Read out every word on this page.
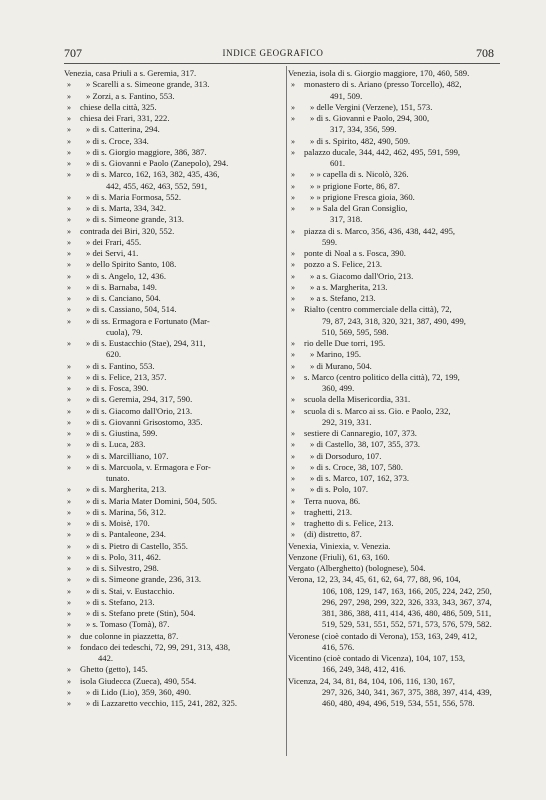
707	INDICE GEOGRAFICO	708
Venezia, casa Priuli a s. Geremia, 317.
» » Scarelli a s. Simeone grande, 313.
» » Zorzi, a s. Fantino, 553.
» chiese della città, 325.
» chiesa dei Frari, 331, 222.
» » di s. Catterina, 294.
» » di s. Croce, 334.
» » di s. Giorgio maggiore, 386, 387.
» » di s. Giovanni e Paolo (Zanepolo), 294.
» » di s. Marco, 162, 163, 382, 435, 436,
442, 455, 462, 463, 552, 591,
» » di s. Maria Formosa, 552.
» » di s. Marta, 334, 342.
» » di s. Simeone grande, 313.
» contrada dei Biri, 320, 552.
» » dei Frari, 455.
» » dei Servi, 41.
» » dello Spirito Santo, 108.
» » di s. Angelo, 12, 436.
» » di s. Barnaba, 149.
» » di s. Canciano, 504.
» » di s. Cassiano, 504, 514.
» » di ss. Ermagora e Fortunato (Mar-
cuola), 79.
» » di s. Eustacchio (Stae), 294, 311,
620.
» » di s. Fantino, 553.
» » di s. Felice, 213, 357.
» » di s. Fosca, 390.
» » di s. Geremia, 294, 317, 590.
» » di s. Giacomo dall'Orio, 213.
» » di s. Giovanni Grisostomo, 335.
» » di s. Giustina, 599.
» » di s. Luca, 283.
» » di s. Marcilliano, 107.
» » di s. Marcuola, v. Ermagora e For-
tunato.
» » di s. Margherita, 213.
» » di s. Maria Mater Domini, 504, 505.
» » di s. Marina, 56, 312.
» » di s. Moisè, 170.
» » di s. Pantaleone, 234.
» » di s. Pietro di Castello, 355.
» » di s. Polo, 311, 462.
» » di s. Silvestro, 298.
» » di s. Simeone grande, 236, 313.
» » di s. Stai, v. Eustacchio.
» » di s. Stefano, 213.
» » di s. Stefano prete (Stin), 504.
» » s. Tomaso (Tomà), 87.
» due colonne in piazzetta, 87.
» fondaco dei tedeschi, 72, 99, 291, 313, 438,
442.
» Ghetto (getto), 145.
» isola Giudecca (Zueca), 490, 554.
» » di Lido (Lio), 359, 360, 490.
» » di Lazzaretto vecchio, 115, 241, 282, 325.
Venezia, isola di s. Giorgio maggiore, 170, 460, 589.
» monastero di s. Ariano (presso Torcello), 482,
491, 509.
» » delle Vergini (Verzene), 151, 573.
» » di s. Giovanni e Paolo, 294, 300,
317, 334, 356, 599.
» » di s. Spirito, 482, 490, 509.
» palazzo ducale, 344, 442, 462, 495, 591, 599,
601.
» » » capella di s. Nicolò, 326.
» » » prigione Forte, 86, 87.
» » » prigione Fresca gioia, 360.
» » » Sala del Gran Consiglio,
317, 318.
» piazza di s. Marco, 356, 436, 438, 442, 495,
599.
» ponte di Noal a s. Fosca, 390.
» pozzo a S. Felice, 213.
» » a s. Giacomo dall'Orio, 213.
» » a s. Margherita, 213.
» » a s. Stefano, 213.
» Rialto (centro commerciale della città), 72,
79, 87, 243, 318, 320, 321, 387, 490, 499,
510, 569, 595, 598.
» rio delle Due torri, 195.
» » Marino, 195.
» » di Murano, 504.
» s. Marco (centro politico della città), 72, 199,
360, 499.
» scuola della Misericordia, 331.
» scuola di s. Marco ai ss. Gio. e Paolo, 232,
292, 319, 331.
» sestiere di Cannaregio, 107, 373.
» » di Castello, 38, 107, 355, 373.
» » di Dorsoduro, 107.
» » di s. Croce, 38, 107, 580.
» » di s. Marco, 107, 162, 373.
» » di s. Polo, 107.
» Terra nuova, 86.
» traghetti, 213.
» traghetto di s. Felice, 213.
» (di) distretto, 87.
Venexia, Viniexia, v. Venezia.
Venzone (Friuli), 61, 63, 160.
Vergato (Alberghetto) (bolognese), 504.
Verona, 12, 23, 34, 45, 61, 62, 64, 77, 88, 96, 104,
106, 108, 129, 147, 163, 166, 205, 224, 242, 250,
296, 297, 298, 299, 322, 326, 333, 343, 367, 374,
381, 386, 388, 411, 414, 436, 480, 486, 509, 511,
519, 529, 531, 551, 552, 571, 573, 576, 579, 582.
Veronese (cioè contado di Verona), 153, 163, 249, 412,
416, 576.
Vicentino (cioè contado di Vicenza), 104, 107, 153,
166, 249, 348, 412, 416.
Vicenza, 24, 34, 81, 84, 104, 106, 116, 130, 167,
297, 326, 340, 341, 367, 375, 388, 397, 414, 439,
460, 480, 494, 496, 519, 534, 551, 556, 578.
